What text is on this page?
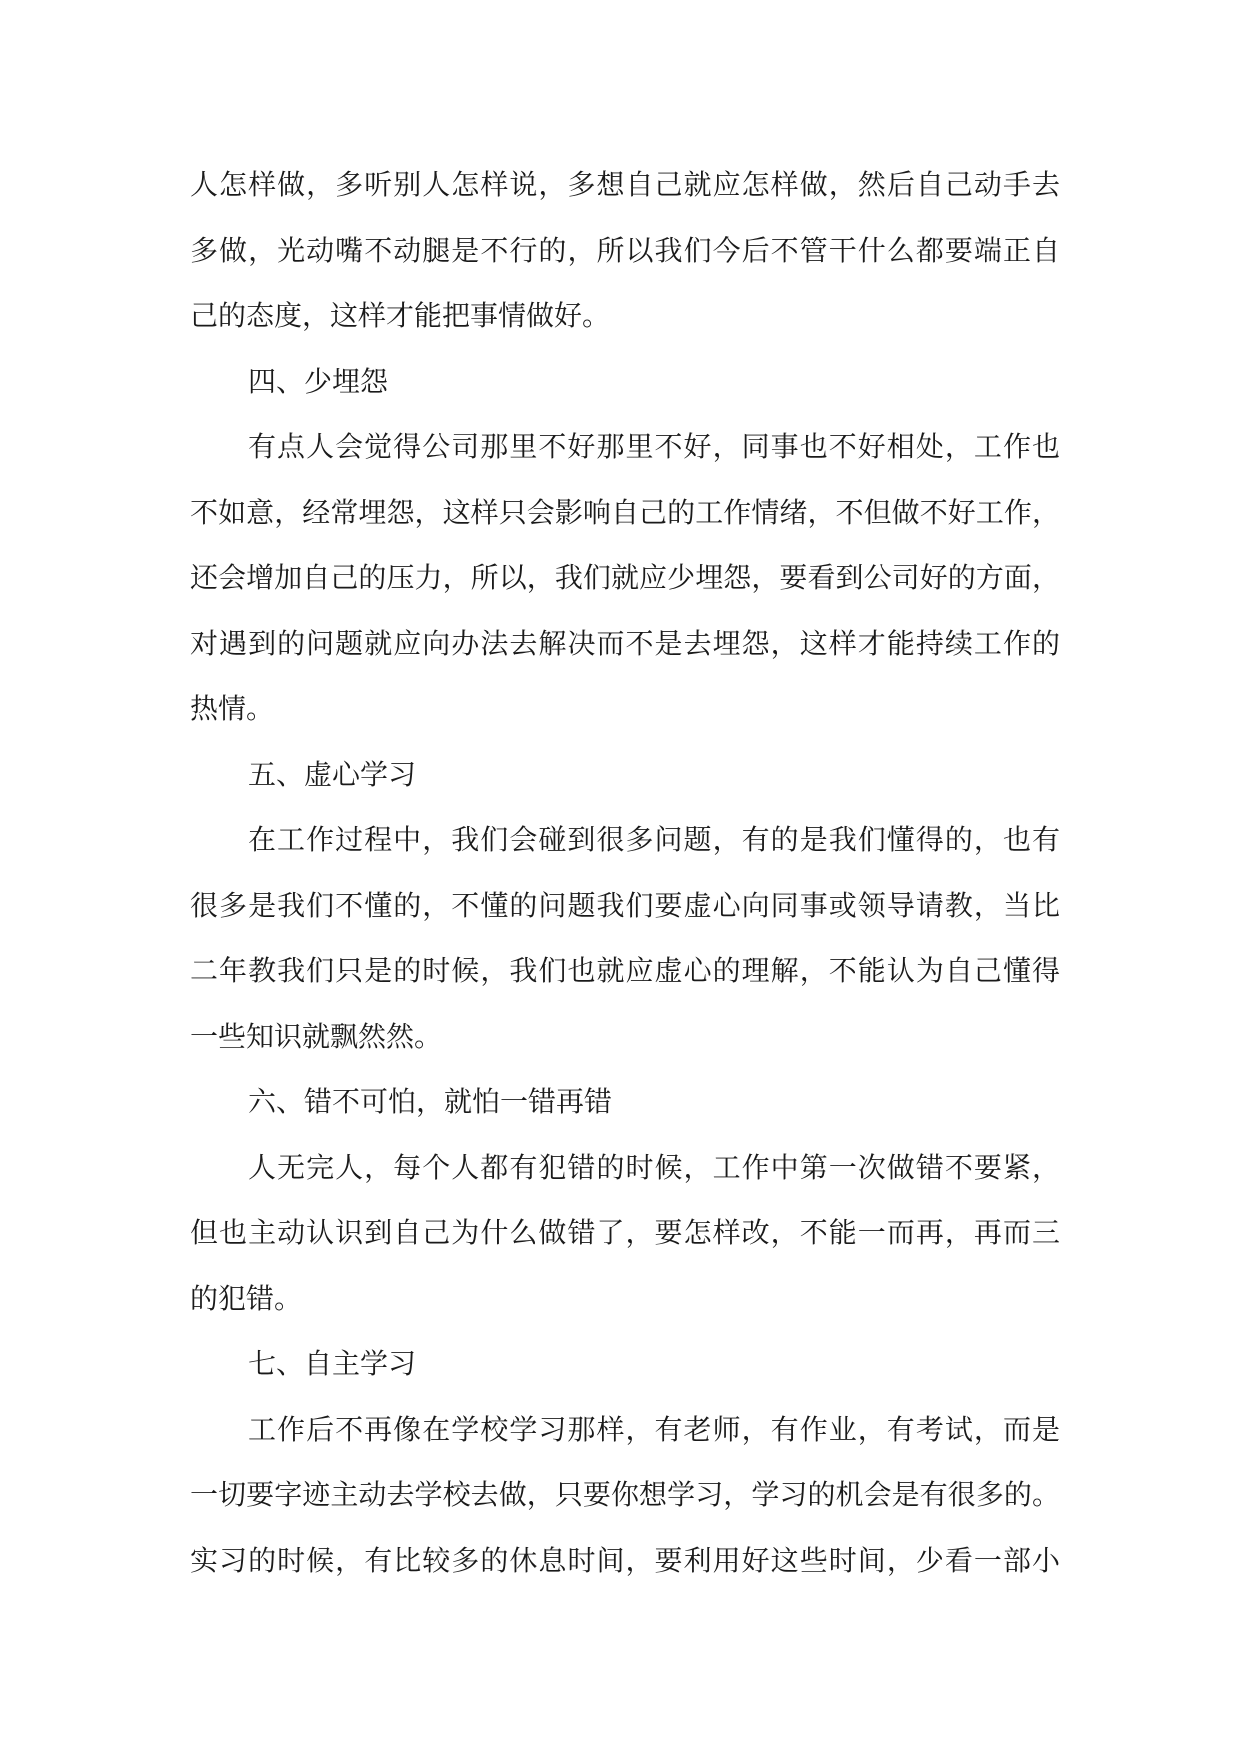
人怎样做，多听别人怎样说，多想自己就应怎样做，然后自己动手去
多做，光动嘴不动腿是不行的，所以我们今后不管干什么都要端正自
己的态度，这样才能把事情做好。
四、少埋怨
有点人会觉得公司那里不好那里不好，同事也不好相处，工作也
不如意，经常埋怨，这样只会影响自己的工作情绪，不但做不好工作，
还会增加自己的压力，所以，我们就应少埋怨，要看到公司好的方面，
对遇到的问题就应向办法去解决而不是去埋怨，这样才能持续工作的
热情。
五、虚心学习
在工作过程中，我们会碰到很多问题，有的是我们懂得的，也有
很多是我们不懂的，不懂的问题我们要虚心向同事或领导请教，当比
二年教我们只是的时候，我们也就应虚心的理解，不能认为自己懂得
一些知识就飘然然。
六、错不可怕，就怕一错再错
人无完人，每个人都有犯错的时候，工作中第一次做错不要紧，
但也主动认识到自己为什么做错了，要怎样改，不能一而再，再而三
的犯错。
七、自主学习
工作后不再像在学校学习那样，有老师，有作业，有考试，而是
一切要字迹主动去学校去做，只要你想学习，学习的机会是有很多的。
实习的时候，有比较多的休息时间，要利用好这些时间，少看一部小
